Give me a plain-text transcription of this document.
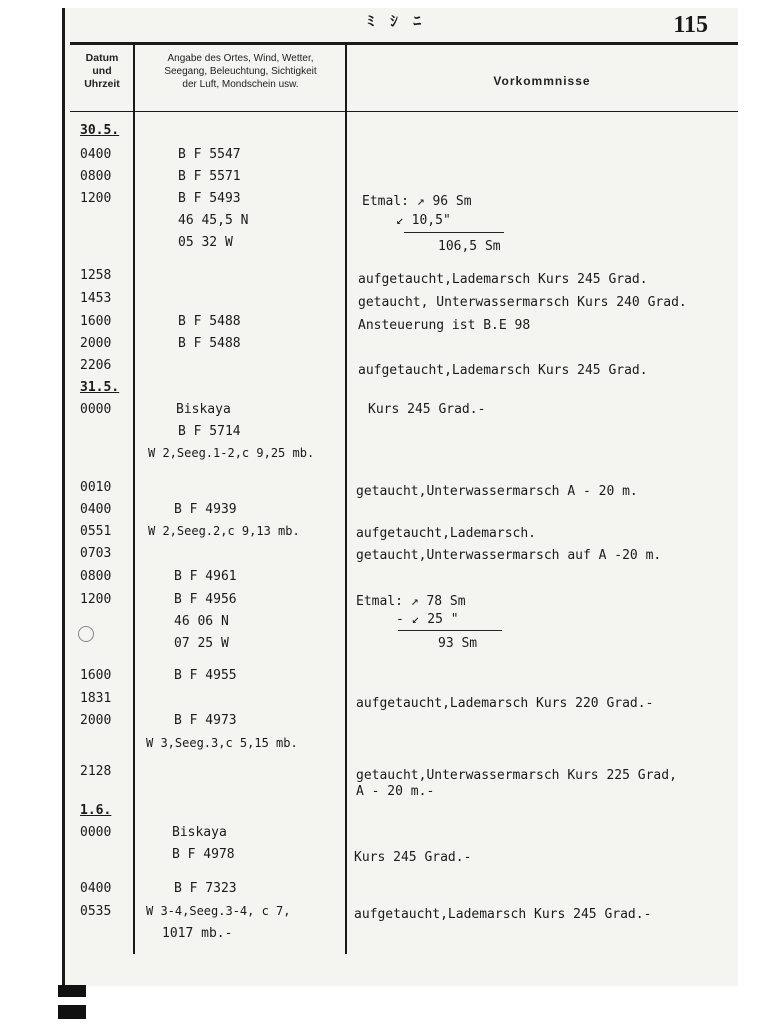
ﾐ ｼ ﾆ	115
Datum
und
Uhrzeit
Angabe des Ortes, Wind, Wetter,
Seegang, Beleuchtung, Sichtigkeit
der Luft, Mondschein usw.	Vorkommnisse
30.5.
0400
0800
1200
1258
1453
1600
2000
2206
31.5.
0000
0010
0400
0551
0703
0800
1200
1600
1831
2000
2128
1.6.
0000
0400
0535
B F 5547
B F 5571
B F 5493
46 45,5 N
05 32 W
B F 5488
B F 5488
Biskaya
B F 5714
W 2,Seeg.1-2,c 9,25 mb.
B F 4939
W 2,Seeg.2,c 9,13 mb.
B F 4961
B F 4956
46 06 N
07 25 W
B F 4955
B F 4973
W 3,Seeg.3,c 5,15 mb.
Biskaya
B F 4978
B F 7323
W 3-4,Seeg.3-4, c 7,
1017 mb.-
Etmal: ↗ 96 Sm
↙ 10,5"
106,5 Sm
aufgetaucht,Lademarsch Kurs 245 Grad.
getaucht, Unterwassermarsch Kurs 240 Grad.
Ansteuerung ist B.E 98
aufgetaucht,Lademarsch Kurs 245 Grad.
Kurs 245 Grad.-
getaucht,Unterwassermarsch A - 20 m.
aufgetaucht,Lademarsch.
getaucht,Unterwassermarsch auf A -20 m.
Etmal: ↗ 78 Sm
- ↙ 25 "
93 Sm
aufgetaucht,Lademarsch Kurs 220 Grad.-
getaucht,Unterwassermarsch Kurs 225 Grad,
A - 20 m.-
Kurs 245 Grad.-
aufgetaucht,Lademarsch Kurs 245 Grad.-
